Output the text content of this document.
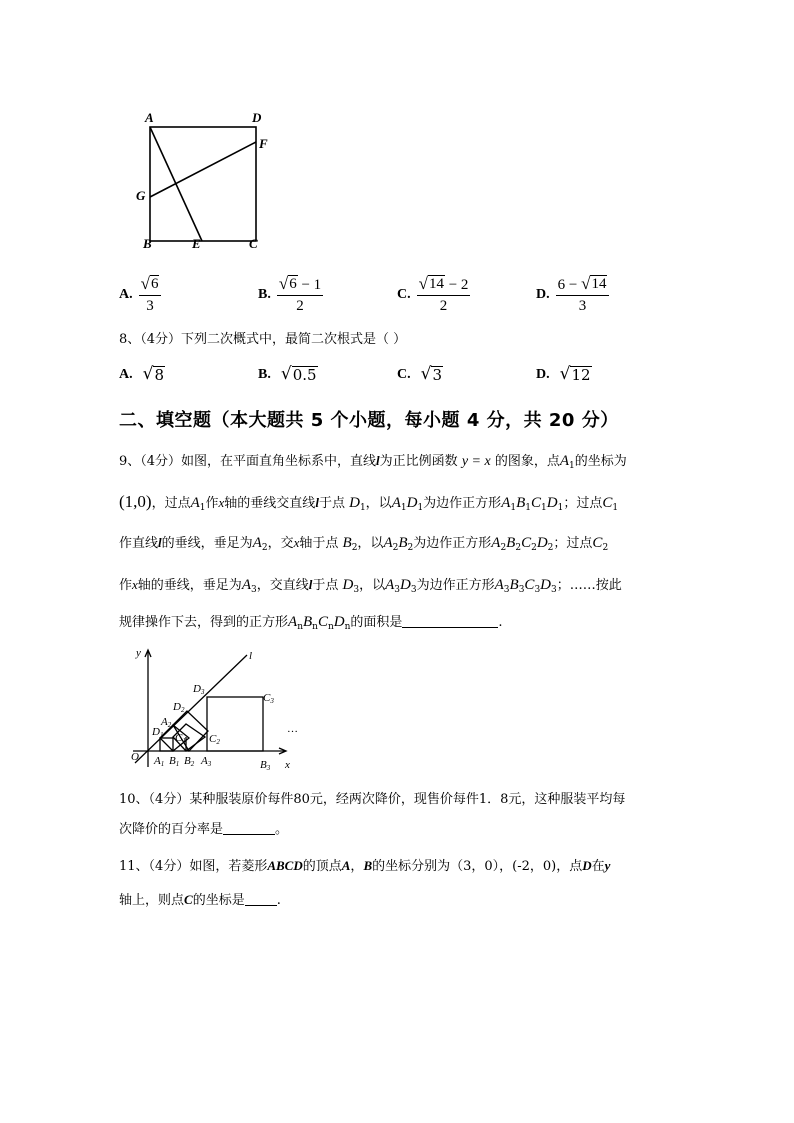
A	D
F
G
B	E	C
A. $\frac{√ 6}{3}$	B. $\frac{√ 6 - 1}{2}$	C. $\frac{√ 14 - 2}{2}$	D. $\frac{6 - √ 14}{3}$
8、（4分）下列二次概式中，最简二次根式是（ ）
A. √ 8	B. √ 0.5	C. √ 3	D. √ 12
二、填空题（本大题共 5 个小题，每小题 4 分，共 20 分）
9、（4分）如图，在平面直角坐标系中，直线l为正比例函数 y = x 的图象，点$A_1$的坐标为
(1,0)，过点$A_1$作x轴的垂线交直线l于点 $D_1$，以$A_1D_1$为边作正方形$A_1B_1C_1D_1$；过点$C_1$
作直线l的垂线，垂足为$A_2$，交x轴于点 $B_2$，以$A_2B_2$为边作正方形$A_2B_2C_2D_2$；过点$C_2$
作x轴的垂线，垂足为$A_3$，交直线l于点 $D_3$，以$A_3D_3$为边作正方形$A_3B_3C_3D_3$；……按此
规律操作下去，得到的正方形$A_nB_nC_nD_n$的面积是	.
y
x
l
O
D1
A2
C1
D2
C2
D3	C3
A1 B1 B2 A3	B3
…
10、（4分）某种服装原价每件80元，经两次降价，现售价每件1．8元，这种服装平均每
次降价的百分率是	。
11、（4分）如图，若菱形ABCD的顶点A，B的坐标分别为（3，0），(-2，0)，点D在y
轴上，则点C的坐标是 .
